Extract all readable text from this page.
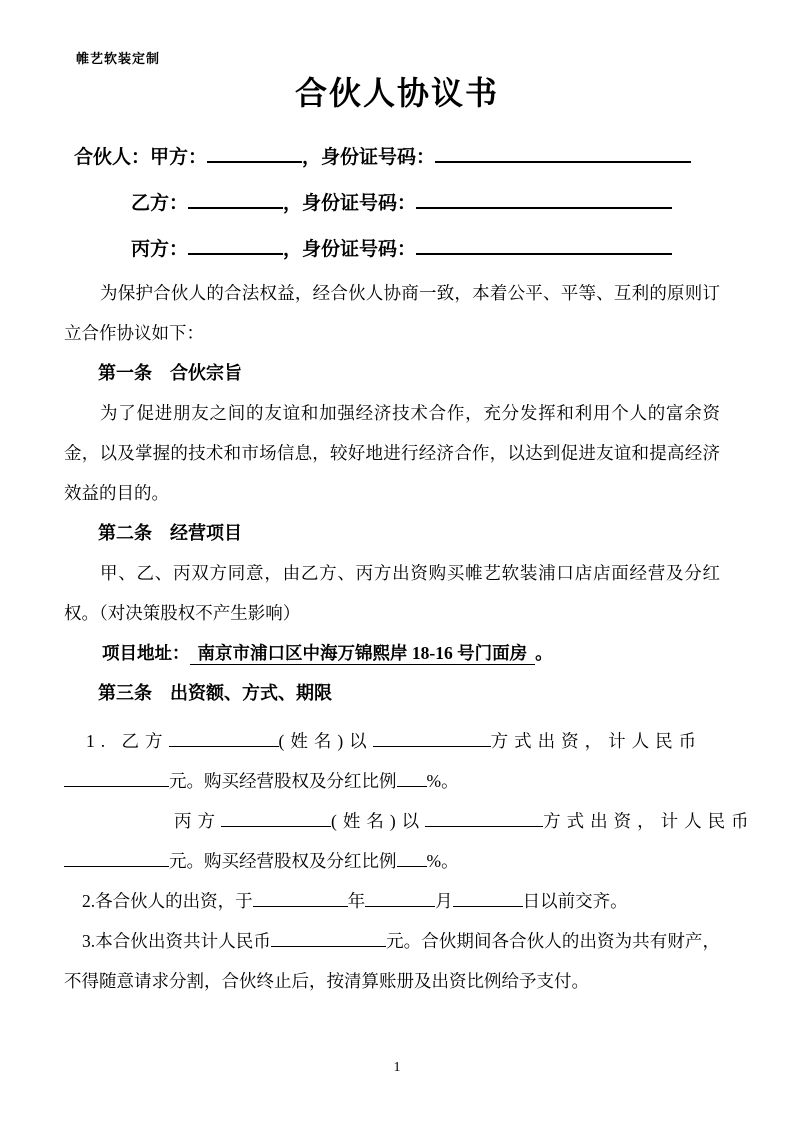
帷艺软装定制
合伙人协议书
合伙人：甲方：	，身份证号码：
乙方：	，身份证号码：
丙方：	，身份证号码：

为保护合伙人的合法权益，经合伙人协商一致，本着公平、平等、互利的原则订立合作协议如下：

第一条　合伙宗旨

为了促进朋友之间的友谊和加强经济技术合作，充分发挥和利用个人的富余资金，以及掌握的技术和市场信息，较好地进行经济合作，以达到促进友谊和提高经济效益的目的。

第二条　经营项目

甲、乙、丙双方同意，由乙方、丙方出资购买帷艺软装浦口店店面经营及分红权。（对决策股权不产生影响）

项目地址： 南京市浦口区中海万锦熙岸 18-16 号门面房 。

第三条　出资额、方式、期限
1. 乙方	(姓名)以	方式出资，计人民币
元。购买经营股权及分红比例 %。
丙方	(姓名)以	方式出资，计人民币
元。购买经营股权及分红比例 %。
2.各合伙人的出资，于	年	月	日以前交齐。

3.本合伙出资共计人民币	元。合伙期间各合伙人的出资为共有财产，不得随意请求分割，合伙终止后，按清算账册及出资比例给予支付。

1
